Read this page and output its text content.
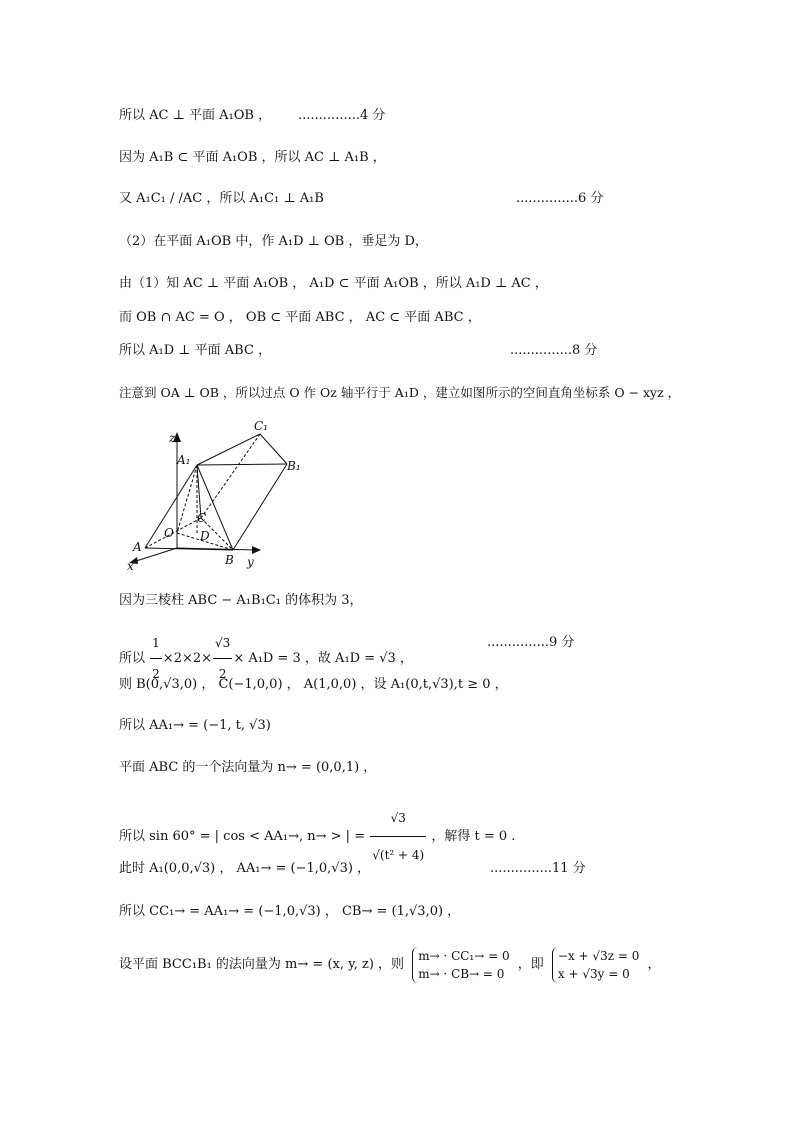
所以 AC ⊥ 平面 A₁OB ， ...............4 分
因为 A₁B ⊂ 平面 A₁OB ，所以 AC ⊥ A₁B ，
又 A₁C₁ / /AC ，所以 A₁C₁ ⊥ A₁B	...............6 分
（2）在平面 A₁OB 中，作 A₁D ⊥ OB ，垂足为 D，
由（1）知 AC ⊥ 平面 A₁OB ， A₁D ⊂ 平面 A₁OB ，所以 A₁D ⊥ AC ，
而 OB ∩ AC = O ， OB ⊂ 平面 ABC ， AC ⊂ 平面 ABC ，
所以 A₁D ⊥ 平面 ABC ，	...............8 分
注意到 OA ⊥ OB ，所以过点 O 作 Oz 轴平行于 A₁D ，建立如图所示的空间直角坐标系 O − xyz ，
z
x	y
A₁
C₁
B₁
A
B
C
O D
因为三棱柱 ABC − A₁B₁C₁ 的体积为 3，
所以 $\frac{1}{2} \times 2\times 2\times \frac{√3}{2} \times A_1D = 3$ ，故 A₁D = √3 ，
...............9 分
则 B(0,√3,0) ， C(−1,0,0) ， A(1,0,0) ，设 A₁(0,t,√3),t ≥ 0 ，
所以 AA₁→ = (−1, t, √3)
平面 ABC 的一个法向量为 n→ = (0,0,1) ，
所以 sin 60° = | cos < AA₁→, n→ > | = $\frac{√3}{\text{√(t² + 4)}}$ ，解得 t = 0 .
此时 A₁(0,0,√3) ， AA₁→ = (−1,0,√3) ，	...............11 分
所以 CC₁→ = AA₁→ = (−1,0,√3) ， CB→ = (1,√3,0) ，
设平面 BCC₁B₁ 的法向量为 m→ = (x, y, z) ，则
m→ · CC₁→ = 0
m→ · CB→ = 0
，即
−x + √3z = 0
x + √3y = 0
，
